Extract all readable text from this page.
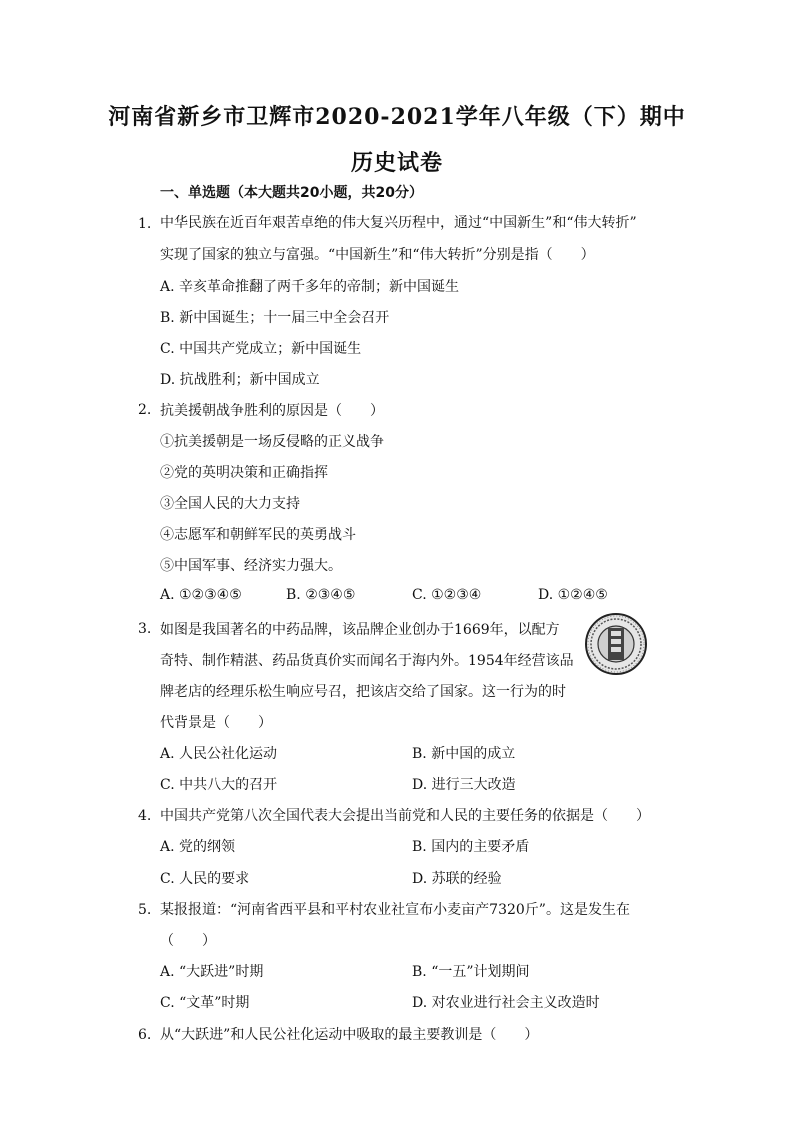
河南省新乡市卫辉市2020-2021学年八年级（下）期中
历史试卷
一、单选题（本大题共20小题，共20分）
1. 中华民族在近百年艰苦卓绝的伟大复兴历程中，通过“中国新生”和“伟大转折”
实现了国家的独立与富强。“中国新生”和“伟大转折”分别是指（　　）
A. 辛亥革命推翻了两千多年的帝制；新中国诞生
B. 新中国诞生；十一届三中全会召开
C. 中国共产党成立；新中国诞生
D. 抗战胜利；新中国成立
2. 抗美援朝战争胜利的原因是（　　）
①抗美援朝是一场反侵略的正义战争
②党的英明决策和正确指挥
③全国人民的大力支持
④志愿军和朝鲜军民的英勇战斗
⑤中国军事、经济实力强大。
A. ①②③④⑤	B. ②③④⑤	C. ①②③④	D. ①②④⑤
3. 如图是我国著名的中药品牌，该品牌企业创办于1669年，以配方
奇特、制作精湛、药品货真价实而闻名于海内外。1954年经营该品
牌老店的经理乐松生响应号召，把该店交给了国家。这一行为的时
代背景是（　　）
A. 人民公社化运动	B. 新中国的成立
C. 中共八大的召开	D. 进行三大改造
4. 中国共产党第八次全国代表大会提出当前党和人民的主要任务的依据是（　　）
A. 党的纲领	B. 国内的主要矛盾
C. 人民的要求	D. 苏联的经验
5. 某报报道：“河南省西平县和平村农业社宣布小麦亩产7320斤”。这是发生在
（　　）
A. “大跃进”时期	B. “一五”计划期间
C. “文革”时期	D. 对农业进行社会主义改造时
6. 从“大跃进”和人民公社化运动中吸取的最主要教训是（　　）
